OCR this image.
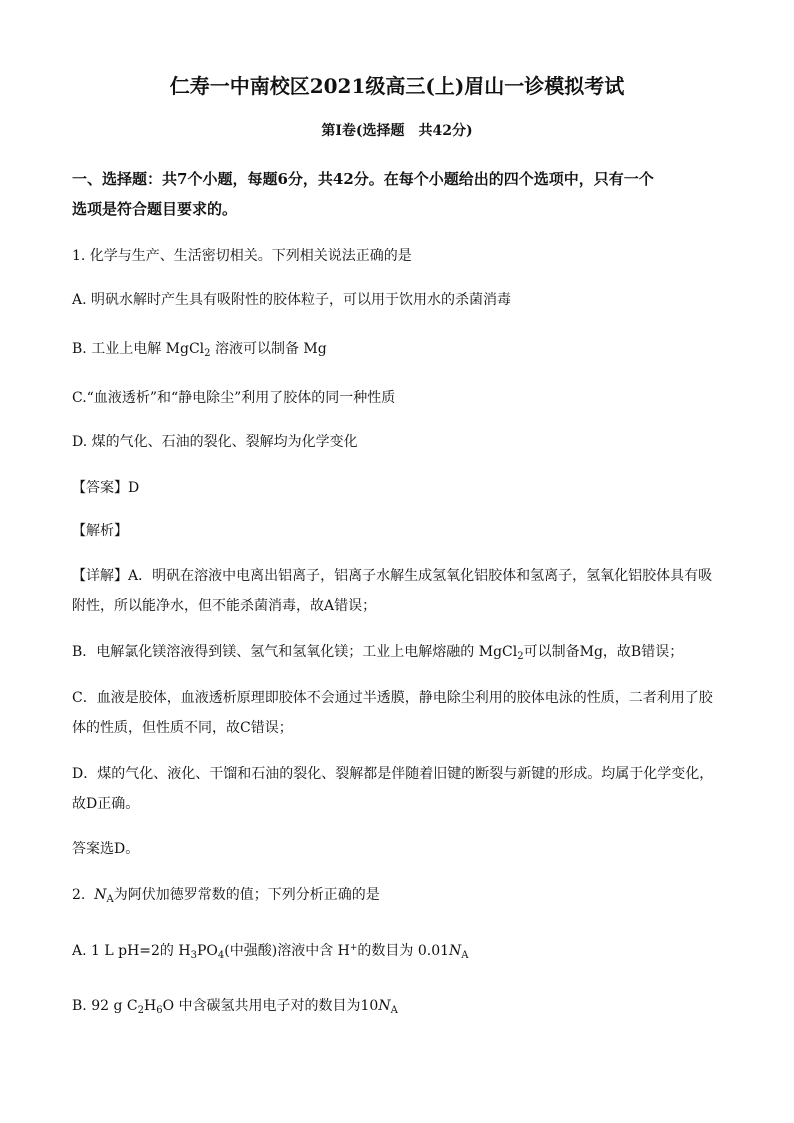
仁寿一中南校区2021级高三(上)眉山一诊模拟考试
第Ⅰ卷(选择题　共42分)
一、选择题：共7个小题，每题6分，共42分。在每个小题给出的四个选项中，只有一个
选项是符合题目要求的。
1. 化学与生产、生活密切相关。下列相关说法正确的是
A. 明矾水解时产生具有吸附性的胶体粒子，可以用于饮用水的杀菌消毒
B. 工业上电解 MgCl$_2$ 溶液可以制备 Mg
C.“血液透析”和“静电除尘”利用了胶体的同一种性质
D. 煤的气化、石油的裂化、裂解均为化学变化
【答案】D
【解析】
【详解】A．明矾在溶液中电离出铝离子，铝离子水解生成氢氧化铝胶体和氢离子，氢氧化铝胶体具有吸
附性，所以能净水，但不能杀菌消毒，故A错误；
B．电解氯化镁溶液得到镁、氢气和氢氧化镁；工业上电解熔融的 MgCl$_2$可以制备Mg，故B错误；
C．血液是胶体，血液透析原理即胶体不会通过半透膜，静电除尘利用的胶体电泳的性质，二者利用了胶
体的性质，但性质不同，故C错误；
D．煤的气化、液化、干馏和石油的裂化、裂解都是伴随着旧键的断裂与新键的形成。均属于化学变化，
故D正确。
答案选D。
2. $N_A$为阿伏加德罗常数的值；下列分析正确的是
A. 1 L pH=2的 $H_3PO_4$(中强酸)溶液中含 H+的数目为 $0.01N_A$
B. 92 g $C_2H_6O$ 中含碳氢共用电子对的数目为$10N_A$
